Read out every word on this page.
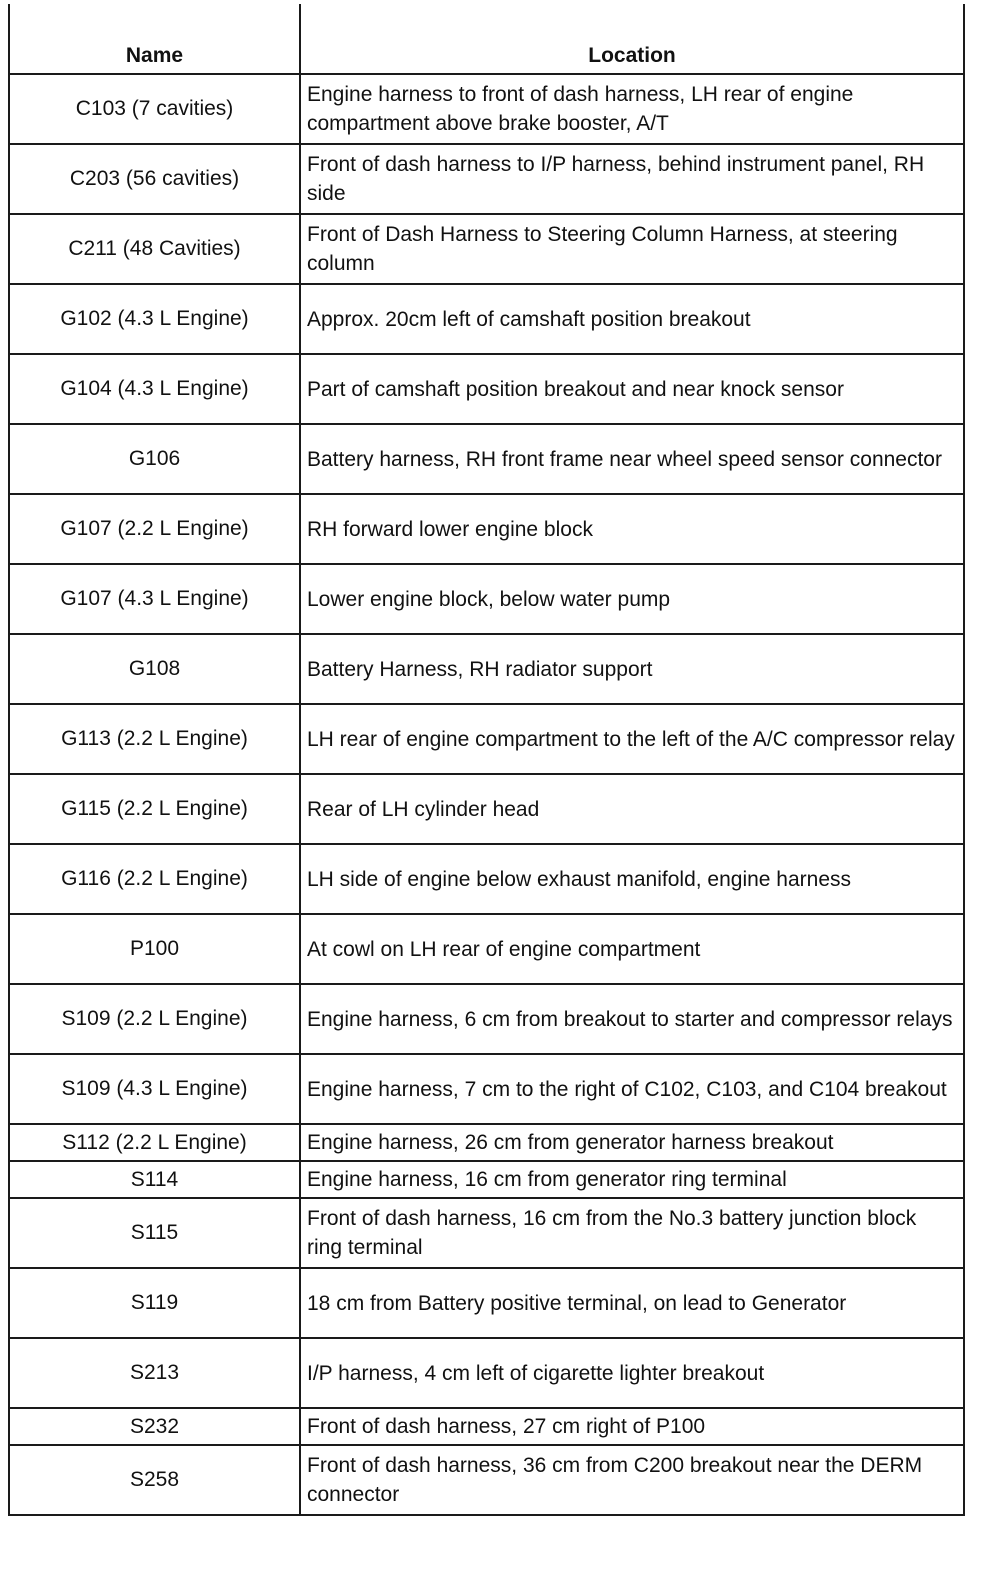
Name	Location
C103 (7 cavities)	Engine harness to front of dash harness, LH rear of engine compartment above brake booster, A/T
C203 (56 cavities)	Front of dash harness to I/P harness, behind instrument panel, RH side
C211 (48 Cavities)	Front of Dash Harness to Steering Column Harness, at steering column
G102 (4.3 L Engine)	Approx. 20cm left of camshaft position breakout
G104 (4.3 L Engine)	Part of camshaft position breakout and near knock sensor
G106	Battery harness, RH front frame near wheel speed sensor connector
G107 (2.2 L Engine)	RH forward lower engine block
G107 (4.3 L Engine)	Lower engine block, below water pump
G108	Battery Harness, RH radiator support
G113 (2.2 L Engine)	LH rear of engine compartment to the left of the A/C compressor relay
G115 (2.2 L Engine)	Rear of LH cylinder head
G116 (2.2 L Engine)	LH side of engine below exhaust manifold, engine harness
P100	At cowl on LH rear of engine compartment
S109 (2.2 L Engine)	Engine harness, 6 cm from breakout to starter and compressor relays
S109 (4.3 L Engine)	Engine harness, 7 cm to the right of C102, C103, and C104 breakout
S112 (2.2 L Engine)	Engine harness, 26 cm from generator harness breakout
S114	Engine harness, 16 cm from generator ring terminal
S115	Front of dash harness, 16 cm from the No.3 battery junction block ring terminal
S119	18 cm from Battery positive terminal, on lead to Generator
S213	I/P harness, 4 cm left of cigarette lighter breakout
S232	Front of dash harness, 27 cm right of P100
S258	Front of dash harness, 36 cm from C200 breakout near the DERM connector
